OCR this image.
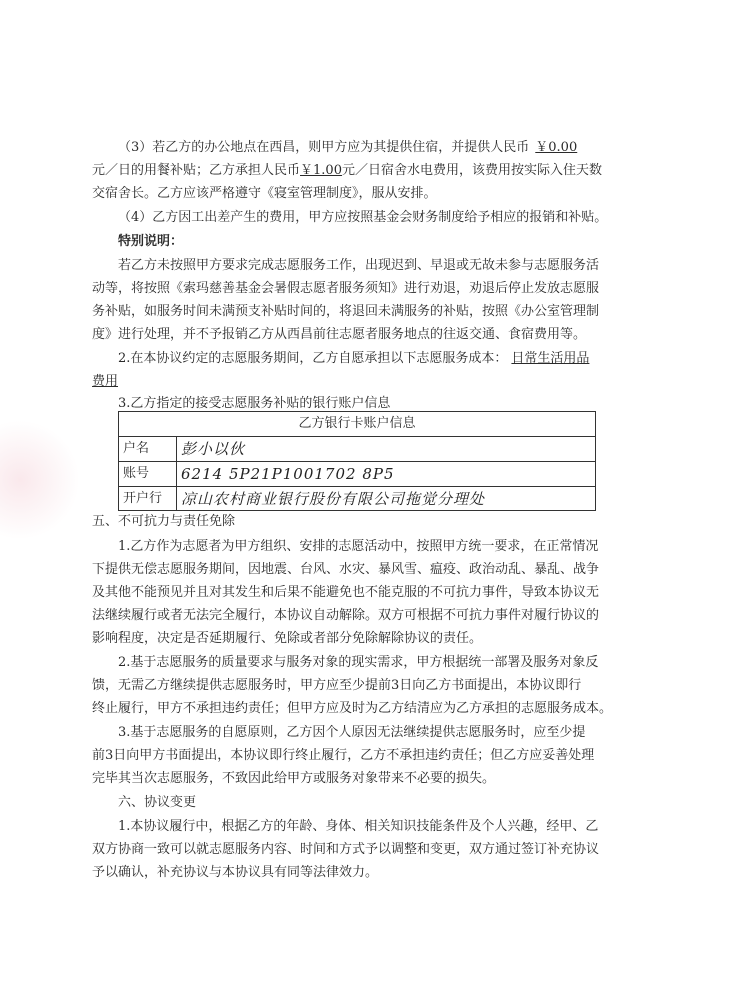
（3）若乙方的办公地点在西昌，则甲方应为其提供住宿，并提供人民币 ￥0.00
元／日的用餐补贴；乙方承担人民币￥1.00元／日宿舍水电费用，该费用按实际入住天数
交宿舍长。乙方应该严格遵守《寝室管理制度》，服从安排。
（4）乙方因工出差产生的费用，甲方应按照基金会财务制度给予相应的报销和补贴。
特别说明：
若乙方未按照甲方要求完成志愿服务工作，出现迟到、早退或无故未参与志愿服务活
动等，将按照《索玛慈善基金会暑假志愿者服务须知》进行劝退，劝退后停止发放志愿服
务补贴，如服务时间未满预支补贴时间的，将退回未满服务的补贴，按照《办公室管理制
度》进行处理，并不予报销乙方从西昌前往志愿者服务地点的往返交通、食宿费用等。
2.在本协议约定的志愿服务期间，乙方自愿承担以下志愿服务成本： 日常生活用品
费用
3.乙方指定的接受志愿服务补贴的银行账户信息
乙方银行卡账户信息
户名	彭小以伙
账号	6214 5P21P1001702 8P5
开户行	凉山农村商业银行股份有限公司拖觉分理处
五、不可抗力与责任免除
1.乙方作为志愿者为甲方组织、安排的志愿活动中，按照甲方统一要求，在正常情况
下提供无偿志愿服务期间，因地震、台风、水灾、暴风雪、瘟疫、政治动乱、暴乱、战争
及其他不能预见并且对其发生和后果不能避免也不能克服的不可抗力事件，导致本协议无
法继续履行或者无法完全履行，本协议自动解除。双方可根据不可抗力事件对履行协议的
影响程度，决定是否延期履行、免除或者部分免除解除协议的责任。
2.基于志愿服务的质量要求与服务对象的现实需求，甲方根据统一部署及服务对象反
馈，无需乙方继续提供志愿服务时，甲方应至少提前3日向乙方书面提出，本协议即行
终止履行，甲方不承担违约责任；但甲方应及时为乙方结清应为乙方承担的志愿服务成本。
3.基于志愿服务的自愿原则，乙方因个人原因无法继续提供志愿服务时，应至少提
前3日向甲方书面提出，本协议即行终止履行，乙方不承担违约责任；但乙方应妥善处理
完毕其当次志愿服务，不致因此给甲方或服务对象带来不必要的损失。
六、协议变更
1.本协议履行中，根据乙方的年龄、身体、相关知识技能条件及个人兴趣，经甲、乙
双方协商一致可以就志愿服务内容、时间和方式予以调整和变更，双方通过签订补充协议
予以确认，补充协议与本协议具有同等法律效力。
